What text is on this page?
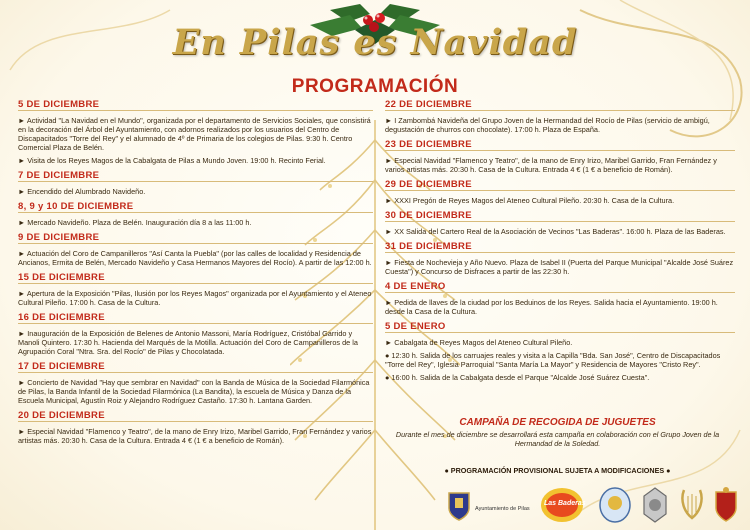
En Pilas es Navidad
PROGRAMACIÓN
5 DE DICIEMBRE

► Actividad "La Navidad en el Mundo", organizada por el departamento de Servicios Sociales, que consistirá en la decoración del Árbol del Ayuntamiento, con adornos realizados por los usuarios del Centro de Discapacitados "Torre del Rey" y el alumnado de 4º de Primaria de los colegios de Pilas. 9:30 h. Centro Comercial Plaza de Belén.

► Visita de los Reyes Magos de la Cabalgata de Pilas a Mundo Joven. 19:00 h. Recinto Ferial.

7 DE DICIEMBRE

► Encendido del Alumbrado Navideño.

8, 9 y 10 DE DICIEMBRE

► Mercado Navideño. Plaza de Belén. Inauguración día 8 a las 11:00 h.

9 DE DICIEMBRE

► Actuación del Coro de Campanilleros "Así Canta la Puebla" (por las calles de localidad y Residencia de Ancianos, Ermita de Belén, Mercado Navideño y Casa Hermanos Mayores del Rocío). A partir de las 12:00 h.

15 DE DICIEMBRE

► Apertura de la Exposición "Pilas, Ilusión por los Reyes Magos" organizada por el Ayuntamiento y el Ateneo Cultural Pileño. 17:00 h. Casa de la Cultura.

16 DE DICIEMBRE

► Inauguración de la Exposición de Belenes de Antonio Massoni, María Rodríguez, Cristóbal Garrido y Manoli Quintero. 17:30 h. Hacienda del Marqués de la Motilla. Actuación del Coro de Campanilleros de la Agrupación Coral "Ntra. Sra. del Rocío" de Pilas y Chocolatada.

17 DE DICIEMBRE

► Concierto de Navidad "Hay que sembrar en Navidad" con la Banda de Música de la Sociedad Filarmónica de Pilas, la Banda Infantil de la Sociedad Filarmónica (La Bandita), la escuela de Música y Danza de la Escuela Municipal, Agustín Roiz y Alejandro Rodríguez Castaño. 17:30 h. Lantana Garden.

20 DE DICIEMBRE

► Especial Navidad "Flamenco y Teatro", de la mano de Enry Irizo, Maribel Garrido, Fran Fernández y varios artistas más. 20:30 h. Casa de la Cultura. Entrada 4 € (1 € a beneficio de Román).

22 DE DICIEMBRE

► I Zambombá Navideña del Grupo Joven de la Hermandad del Rocío de Pilas (servicio de ambigú, degustación de churros con chocolate). 17:00 h. Plaza de España.

23 DE DICIEMBRE

► Especial Navidad "Flamenco y Teatro", de la mano de Enry Irizo, Maribel Garrido, Fran Fernández y varios artistas más. 20:30 h. Casa de la Cultura. Entrada 4 € (1 € a beneficio de Román).

29 DE DICIEMBRE

► XXXI Pregón de Reyes Magos del Ateneo Cultural Pileño. 20:30 h. Casa de la Cultura.

30 DE DICIEMBRE

► XX Salida del Cartero Real de la Asociación de Vecinos "Las Baderas". 16:00 h. Plaza de las Baderas.

31 DE DICIEMBRE

► Fiesta de Nochevieja y Año Nuevo. Plaza de Isabel II (Puerta del Parque Municipal "Alcalde José Suárez Cuesta") y Concurso de Disfraces a partir de las 22:30 h.

4 DE ENERO

► Pedida de llaves de la ciudad por los Beduinos de los Reyes. Salida hacia el Ayuntamiento. 19:00 h. desde la Casa de la Cultura.

5 DE ENERO

► Cabalgata de Reyes Magos del Ateneo Cultural Pileño.

● 12:30 h. Salida de los carruajes reales y visita a la Capilla "Bda. San José", Centro de Discapacitados "Torre del Rey", Iglesia Parroquial "Santa María La Mayor" y Residencia de Mayores "Cristo Rey".

● 16:00 h. Salida de la Cabalgata desde el Parque "Alcalde José Suárez Cuesta".

CAMPAÑA DE RECOGIDA DE JUGUETES

Durante el mes de diciembre se desarrollará esta campaña en colaboración con el Grupo Joven de la Hermandad de la Soledad.

● PROGRAMACIÓN PROVISIONAL SUJETA A MODIFICACIONES ●

Ayuntamiento de Pilas
Las Baderas
